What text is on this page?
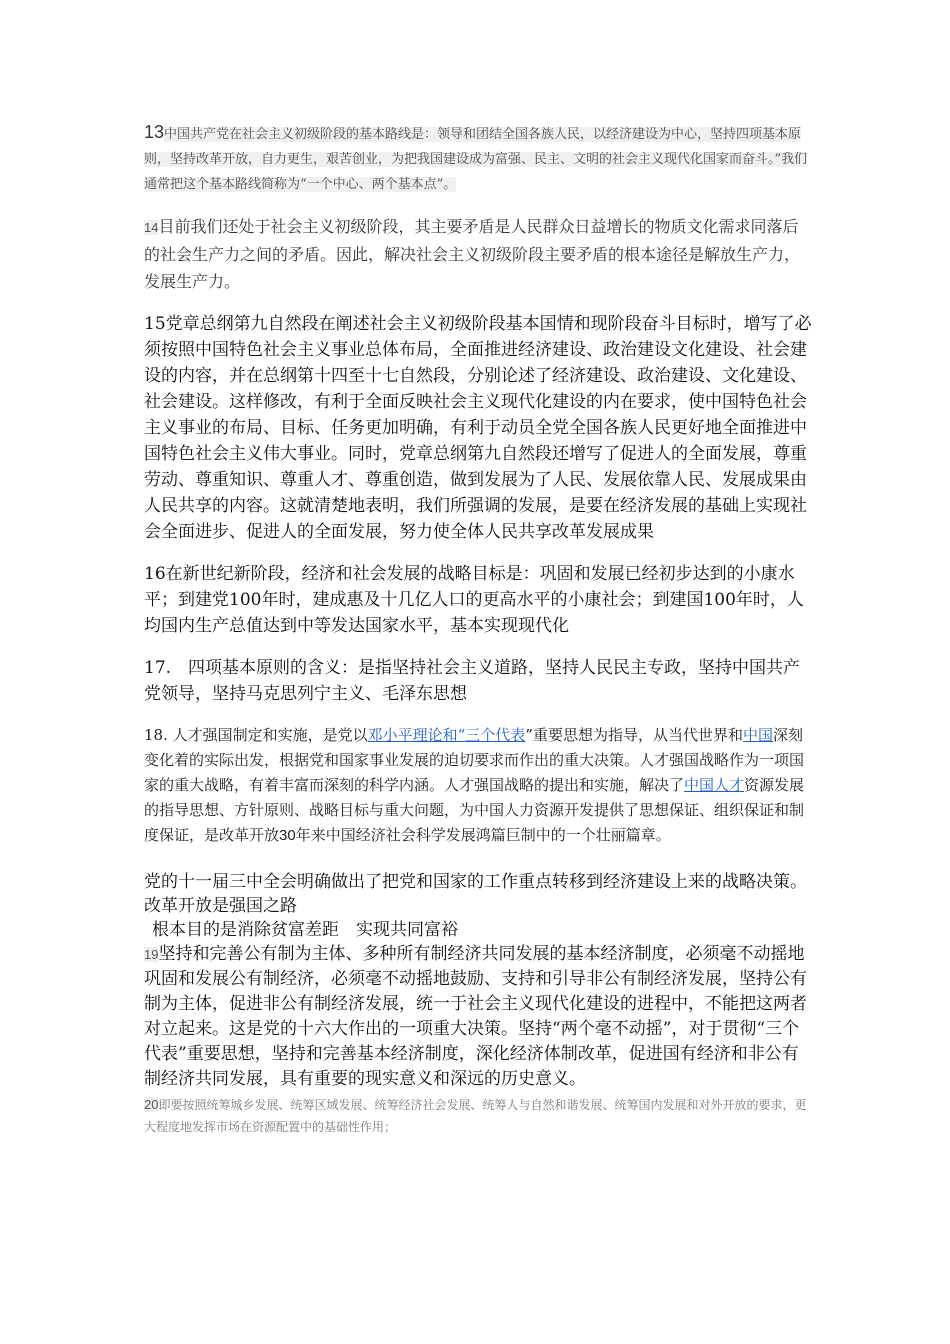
13中国共产党在社会主义初级阶段的基本路线是：领导和团结全国各族人民，以经济建设为中心，坚持四项基本原则，坚持改革开放，自力更生，艰苦创业，为把我国建设成为富强、民主、文明的社会主义现代化国家而奋斗。”我们通常把这个基本路线简称为“一个中心、两个基本点”。

14目前我们还处于社会主义初级阶段，其主要矛盾是人民群众日益增长的物质文化需求同落后的社会生产力之间的矛盾。因此，解决社会主义初级阶段主要矛盾的根本途径是解放生产力，发展生产力。

15党章总纲第九自然段在阐述社会主义初级阶段基本国情和现阶段奋斗目标时，增写了必须按照中国特色社会主义事业总体布局，全面推进经济建设、政治建设文化建设、社会建设的内容，并在总纲第十四至十七自然段，分别论述了经济建设、政治建设、文化建设、社会建设。这样修改，有利于全面反映社会主义现代化建设的内在要求，使中国特色社会主义事业的布局、目标、任务更加明确，有利于动员全党全国各族人民更好地全面推进中国特色社会主义伟大事业。同时，党章总纲第九自然段还增写了促进人的全面发展，尊重劳动、尊重知识、尊重人才、尊重创造，做到发展为了人民、发展依靠人民、发展成果由人民共享的内容。这就清楚地表明，我们所强调的发展，是要在经济发展的基础上实现社会全面进步、促进人的全面发展，努力使全体人民共享改革发展成果

16在新世纪新阶段，经济和社会发展的战略目标是：巩固和发展已经初步达到的小康水平；到建党100年时，建成惠及十几亿人口的更高水平的小康社会；到建国100年时，人均国内生产总值达到中等发达国家水平，基本实现现代化

17.　四项基本原则的含义：是指坚持社会主义道路，坚持人民民主专政，坚持中国共产党领导，坚持马克思列宁主义、毛泽东思想

18. 人才强国制定和实施，是党以邓小平理论和“三个代表”重要思想为指导，从当代世界和中国深刻变化着的实际出发，根据党和国家事业发展的迫切要求而作出的重大决策。人才强国战略作为一项国家的重大战略，有着丰富而深刻的科学内涵。人才强国战略的提出和实施，解决了中国人才资源发展的指导思想、方针原则、战略目标与重大问题，为中国人力资源开发提供了思想保证、组织保证和制度保证，是改革开放30年来中国经济社会科学发展鸿篇巨制中的一个壮丽篇章。

党的十一届三中全会明确做出了把党和国家的工作重点转移到经济建设上来的战略决策。改革开放是强国之路

根本目的是消除贫富差距　实现共同富裕

19坚持和完善公有制为主体、多种所有制经济共同发展的基本经济制度，必须毫不动摇地巩固和发展公有制经济，必须毫不动摇地鼓励、支持和引导非公有制经济发展，坚持公有制为主体，促进非公有制经济发展，统一于社会主义现代化建设的进程中，不能把这两者对立起来。这是党的十六大作出的一项重大决策。坚持“两个毫不动摇”，对于贯彻“三个代表”重要思想，坚持和完善基本经济制度，深化经济体制改革，促进国有经济和非公有制经济共同发展，具有重要的现实意义和深远的历史意义。

20即要按照统筹城乡发展、统筹区域发展、统筹经济社会发展、统筹人与自然和谐发展、统筹国内发展和对外开放的要求，更大程度地发挥市场在资源配置中的基础性作用；
